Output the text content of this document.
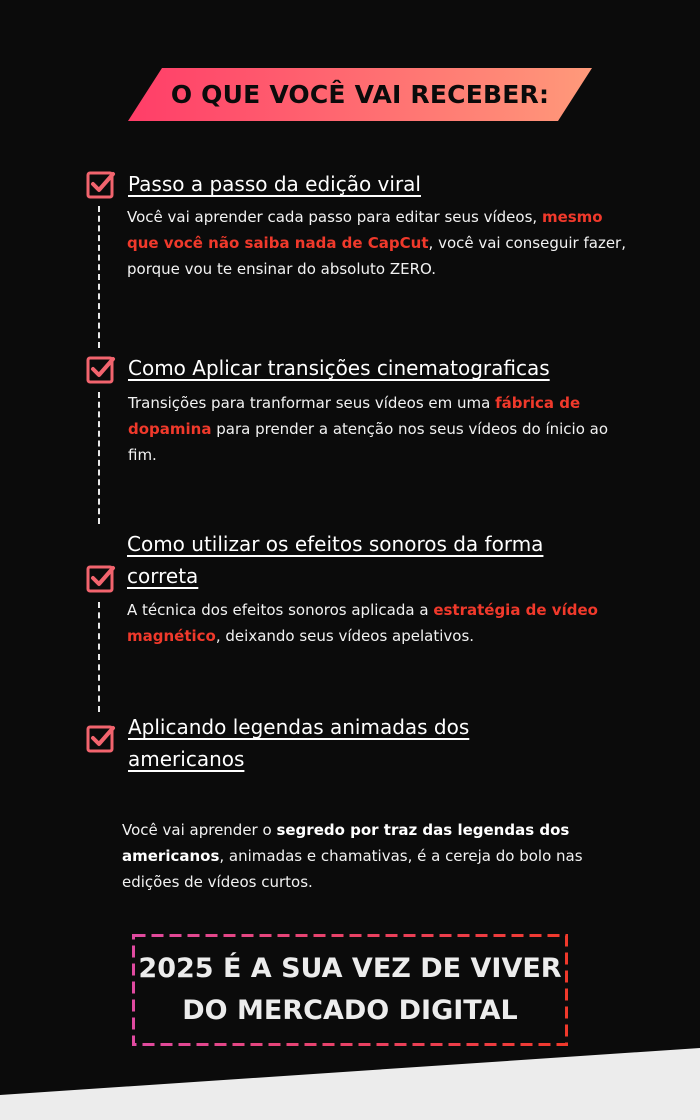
O QUE VOCÊ VAI RECEBER:
Passo a passo da edição viral
Você vai aprender cada passo para editar seus vídeos, mesmo que você não saiba nada de CapCut, você vai conseguir fazer, porque vou te ensinar do absoluto ZERO.
Como Aplicar transições cinematograficas
Transições para tranformar seus vídeos em uma fábrica de dopamina para prender a atenção nos seus vídeos do ínicio ao fim.
Como utilizar os efeitos sonoros da forma correta
A técnica dos efeitos sonoros aplicada a estratégia de vídeo magnético, deixando seus vídeos apelativos.
Aplicando legendas animadas dos americanos
Você vai aprender o segredo por traz das legendas dos americanos, animadas e chamativas, é a cereja do bolo nas edições de vídeos curtos.
2025 É A SUA VEZ DE VIVER
DO MERCADO DIGITAL
